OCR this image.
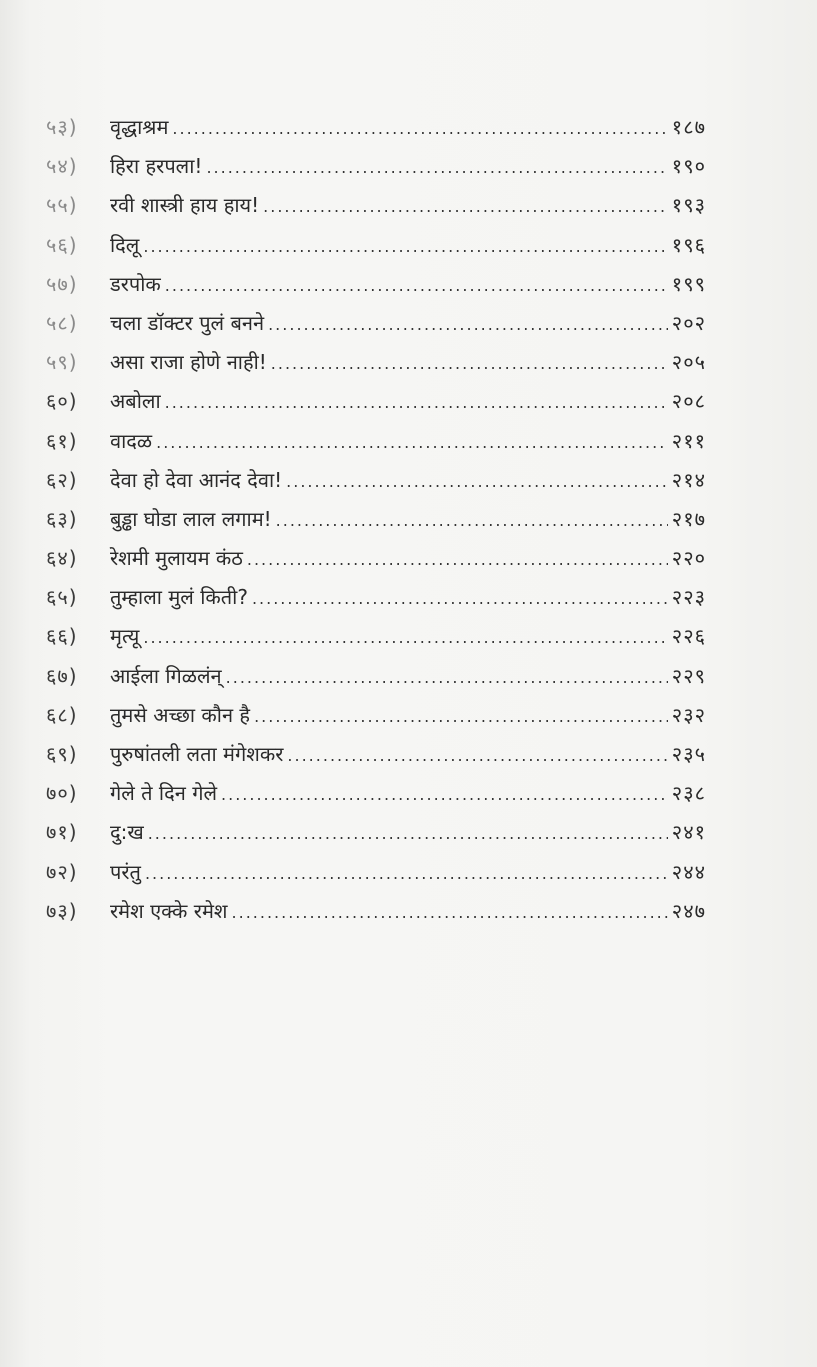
५३)	वृद्धाश्रम .....	१८७
५४)	हिरा हरपला! .....	१९०
५५)	रवी शास्त्री हाय हाय! .....	१९३
५६)	दिलू .....	१९६
५७)	डरपोक .....	१९९
५८)	चला डॉक्टर पुलं बनने .....	२०२
५९)	असा राजा होणे नाही! .....	२०५
६०)	अबोला .....	२०८
६१)	वादळ .....	२११
६२)	देवा हो देवा आनंद देवा! .....	२१४
६३)	बुड्ढा घोडा लाल लगाम! .....	२१७
६४)	रेशमी मुलायम कंठ .....	२२०
६५)	तुम्हाला मुलं किती? .....	२२३
६६)	मृत्यू .....	२२६
६७)	आईला गिळलंन् .....	२२९
६८)	तुमसे अच्छा कौन है .....	२३२
६९)	पुरुषांतली लता मंगेशकर .....	२३५
७०)	गेले ते दिन गेले .....	२३८
७१)	दु:ख .....	२४१
७२)	परंतु .....	२४४
७३)	रमेश एक्के रमेश .....	२४७
